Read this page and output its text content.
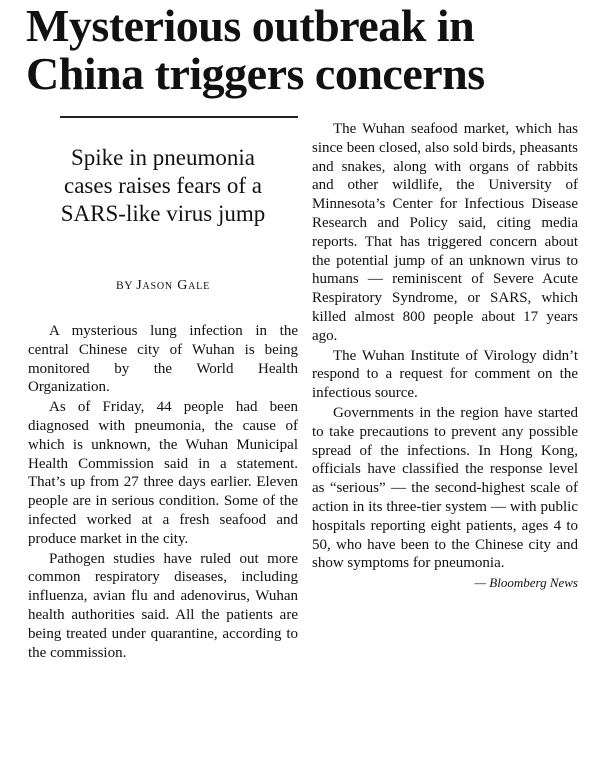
Mysterious outbreak in
China triggers concerns
Spike in pneumonia
cases raises fears of a
SARS-like virus jump
BY Jason Gale

A mysterious lung infection in the central Chinese city of Wuhan is being monitored by the World Health Organization.

As of Friday, 44 people had been diagnosed with pneumonia, the cause of which is unknown, the Wuhan Municipal Health Commission said in a statement. That’s up from 27 three days earlier. Eleven people are in serious condition. Some of the infected worked at a fresh seafood and produce market in the city.

Pathogen studies have ruled out more common respiratory diseases, including influenza, avian flu and adenovirus, Wuhan health authorities said. All the patients are being treated under quarantine, according to the commission.

The Wuhan seafood market, which has since been closed, also sold birds, pheasants and snakes, along with organs of rabbits and other wildlife, the University of Minnesota’s Center for Infectious Disease Research and Policy said, citing media reports. That has triggered concern about the potential jump of an unknown virus to humans — reminiscent of Severe Acute Respiratory Syndrome, or SARS, which killed almost 800 people about 17 years ago.

The Wuhan Institute of Virology didn’t respond to a request for comment on the infectious source.

Governments in the region have started to take precautions to prevent any possible spread of the infections. In Hong Kong, officials have classified the response level as “serious” — the second-highest scale of action in its three-tier system — with public hospitals reporting eight patients, ages 4 to 50, who have been to the Chinese city and show symptoms for pneumonia.

— Bloomberg News
